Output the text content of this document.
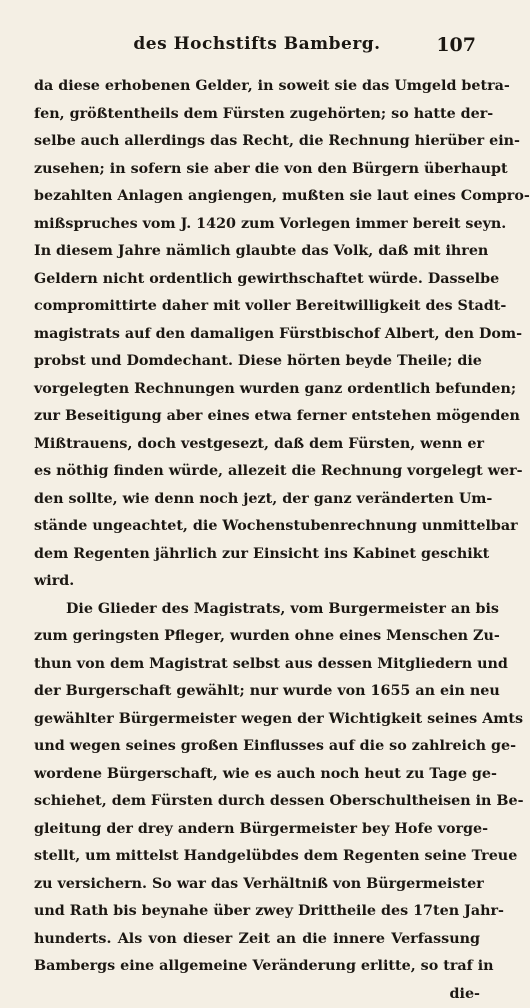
des Hochstifts Bamberg.	107
da diese erhobenen Gelder, in soweit sie das Umgeld betra-
fen, größtentheils dem Fürsten zugehörten; so hatte der-
selbe auch allerdings das Recht, die Rechnung hierüber ein-
zusehen; in sofern sie aber die von den Bürgern überhaupt
bezahlten Anlagen angiengen, mußten sie laut eines Compro-
mißspruches vom J. 1420 zum Vorlegen immer bereit seyn.
In diesem Jahre nämlich glaubte das Volk, daß mit ihren
Geldern nicht ordentlich gewirthschaftet würde. Dasselbe
compromittirte daher mit voller Bereitwilligkeit des Stadt-
magistrats auf den damaligen Fürstbischof Albert, den Dom-
probst und Domdechant. Diese hörten beyde Theile; die
vorgelegten Rechnungen wurden ganz ordentlich befunden;
zur Beseitigung aber eines etwa ferner entstehen mögenden
Mißtrauens, doch vestgesezt, daß dem Fürsten, wenn er
es nöthig finden würde, allezeit die Rechnung vorgelegt wer-
den sollte, wie denn noch jezt, der ganz veränderten Um-
stände ungeachtet, die Wochenstubenrechnung unmittelbar
dem Regenten jährlich zur Einsicht ins Kabinet geschikt
wird.
Die Glieder des Magistrats, vom Burgermeister an bis
zum geringsten Pfleger, wurden ohne eines Menschen Zu-
thun von dem Magistrat selbst aus dessen Mitgliedern und
der Burgerschaft gewählt; nur wurde von 1655 an ein neu
gewählter Bürgermeister wegen der Wichtigkeit seines Amts
und wegen seines großen Einflusses auf die so zahlreich ge-
wordene Bürgerschaft, wie es auch noch heut zu Tage ge-
schiehet, dem Fürsten durch dessen Oberschultheisen in Be-
gleitung der drey andern Bürgermeister bey Hofe vorge-
stellt, um mittelst Handgelübdes dem Regenten seine Treue
zu versichern. So war das Verhältniß von Bürgermeister
und Rath bis beynahe über zwey Drittheile des 17ten Jahr-
hunderts. Als von dieser Zeit an die innere Verfassung
Bambergs eine allgemeine Veränderung erlitte, so traf in
die-
